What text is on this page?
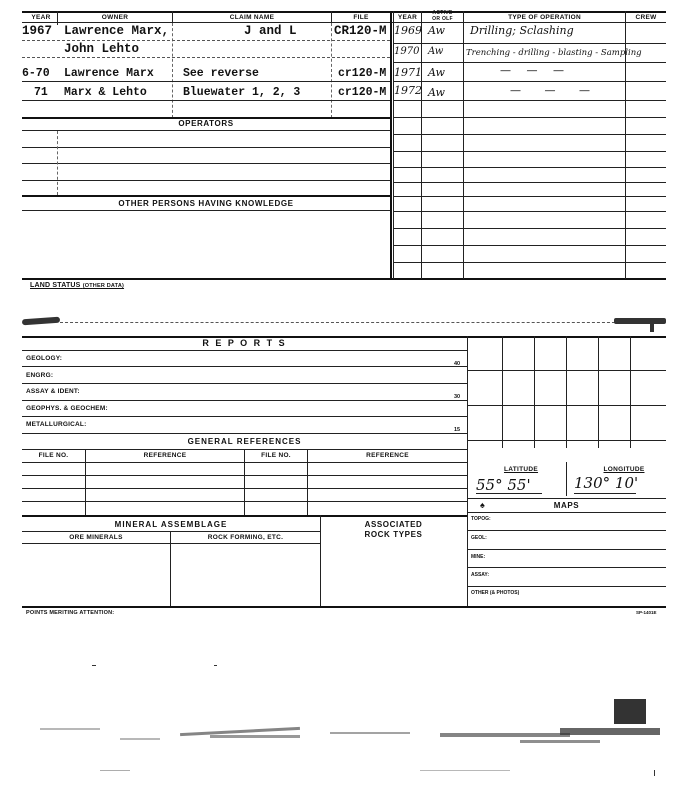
YEAR	OWNER	CLAIM NAME	FILE	YEAR
ACTIVE
OR OLF	TYPE OF OPERATION	CREW
1967 Lawrence Marx,	J and L	CR120-M
John Lehto
6-70 Lawrence Marx	See reverse	cr120-M
71 Marx & Lehto	Bluewater 1, 2, 3	cr120-M
1969 Aw Drilling; Sclashing
1970 Aw	Trenching - drilling - blasting - Sampling
1971 Aw	— — —
1972 Aw	— — —
OPERATORS
OTHER PERSONS HAVING KNOWLEDGE
LAND STATUS (OTHER DATA)
R E P O R T S
GEOLOGY:
40
ENGRG:
ASSAY & IDENT:
30
GEOPHYS. & GEOCHEM:
METALLURGICAL:
15
GENERAL REFERENCES
FILE NO.	REFERENCE	FILE NO.	REFERENCE
MINERAL ASSEMBLAGE
ORE MINERALS	ROCK FORMING, ETC.
ASSOCIATED
ROCK TYPES
LATITUDE	LONGITUDE
55° 55'	130° 10'
♠	MAPS
TOPOG:
GEOL:
MINE:
ASSAY:
OTHER (& PHOTOS)
POINTS MERITING ATTENTION:	SP-1401E
